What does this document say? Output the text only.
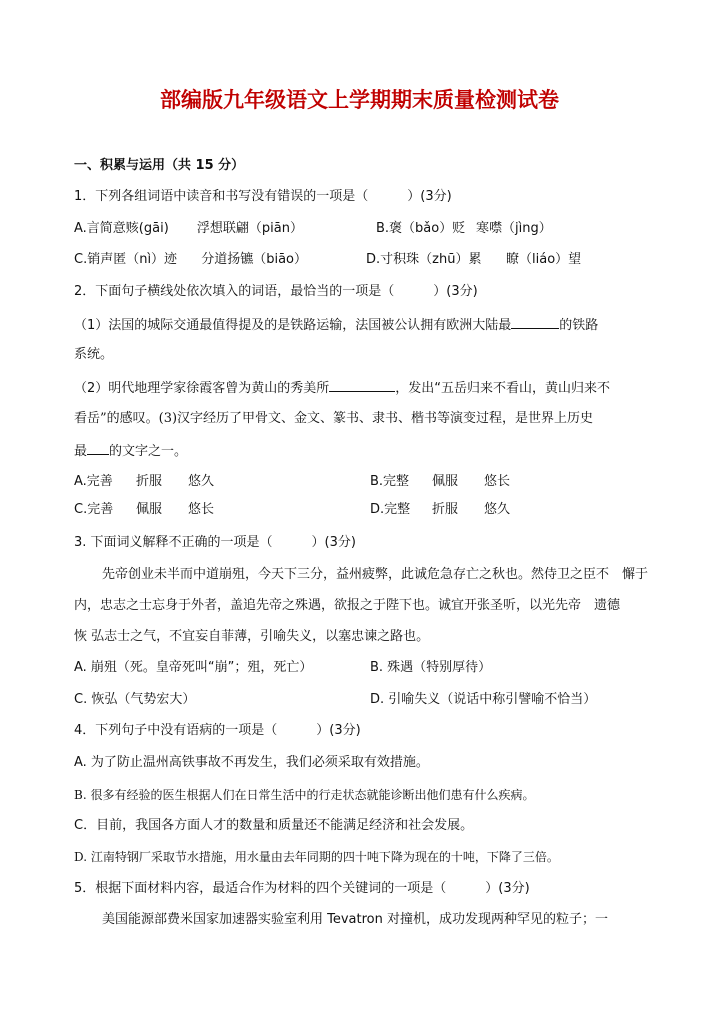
部编版九年级语文上学期期末质量检测试卷
一、积累与运用（共 15 分）
1．下列各组词语中读音和书写没有错误的一项是（　　　）(3分)
A.言简意赅(gāi) 浮想联翩（piān）	B.褒（bǎo）贬 寒噤（jìng）
C.销声匿（nì）迹 分道扬镳（biāo）	D.寸积珠（zhū）累 瞭（liáo）望
2．下面句子横线处依次填入的词语，最恰当的一项是（　　　）(3分)
（1）法国的城际交通最值得提及的是铁路运输，法国被公认拥有欧洲大陆最	的铁路
系统。
（2）明代地理学家徐霞客曾为黄山的秀美所	，发出“五岳归来不看山，黄山归来不
看岳”的感叹。(3)汉字经历了甲骨文、金文、篆书、隶书、楷书等演变过程，是世界上历史
最 的文字之一。
A.完善 折服 悠久	B.完整 佩服 悠长
C.完善 佩服 悠长	D.完整 折服 悠久
3. 下面词义解释不正确的一项是（　　　）(3分)
先帝创业未半而中道崩殂，今天下三分，益州疲弊，此诚危急存亡之秋也。然侍卫之臣不　懈于
内，忠志之士忘身于外者，盖追先帝之殊遇，欲报之于陛下也。诚宜开张圣听，以光先帝　遗德
恢 弘志士之气，不宜妄自菲薄，引喻失义，以塞忠谏之路也。
A. 崩殂（死。皇帝死叫“崩”；殂，死亡）	B. 殊遇（特别厚待）
C. 恢弘（气势宏大）	D. 引喻失义（说话中称引譬喻不恰当）
4．下列句子中没有语病的一项是（　　　）(3分)
A. 为了防止温州高铁事故不再发生，我们必须采取有效措施。
B. 很多有经验的医生根据人们在日常生活中的行走状态就能诊断出他们患有什么疾病。
C．目前，我国各方面人才的数量和质量还不能满足经济和社会发展。
D. 江南特钢厂采取节水措施，用水量由去年同期的四十吨下降为现在的十吨，下降了三倍。
5．根据下面材料内容，最适合作为材料的四个关键词的一项是（　　　）(3分)
美国能源部费米国家加速器实验室利用 Tevatron 对撞机，成功发现两种罕见的粒子；一
